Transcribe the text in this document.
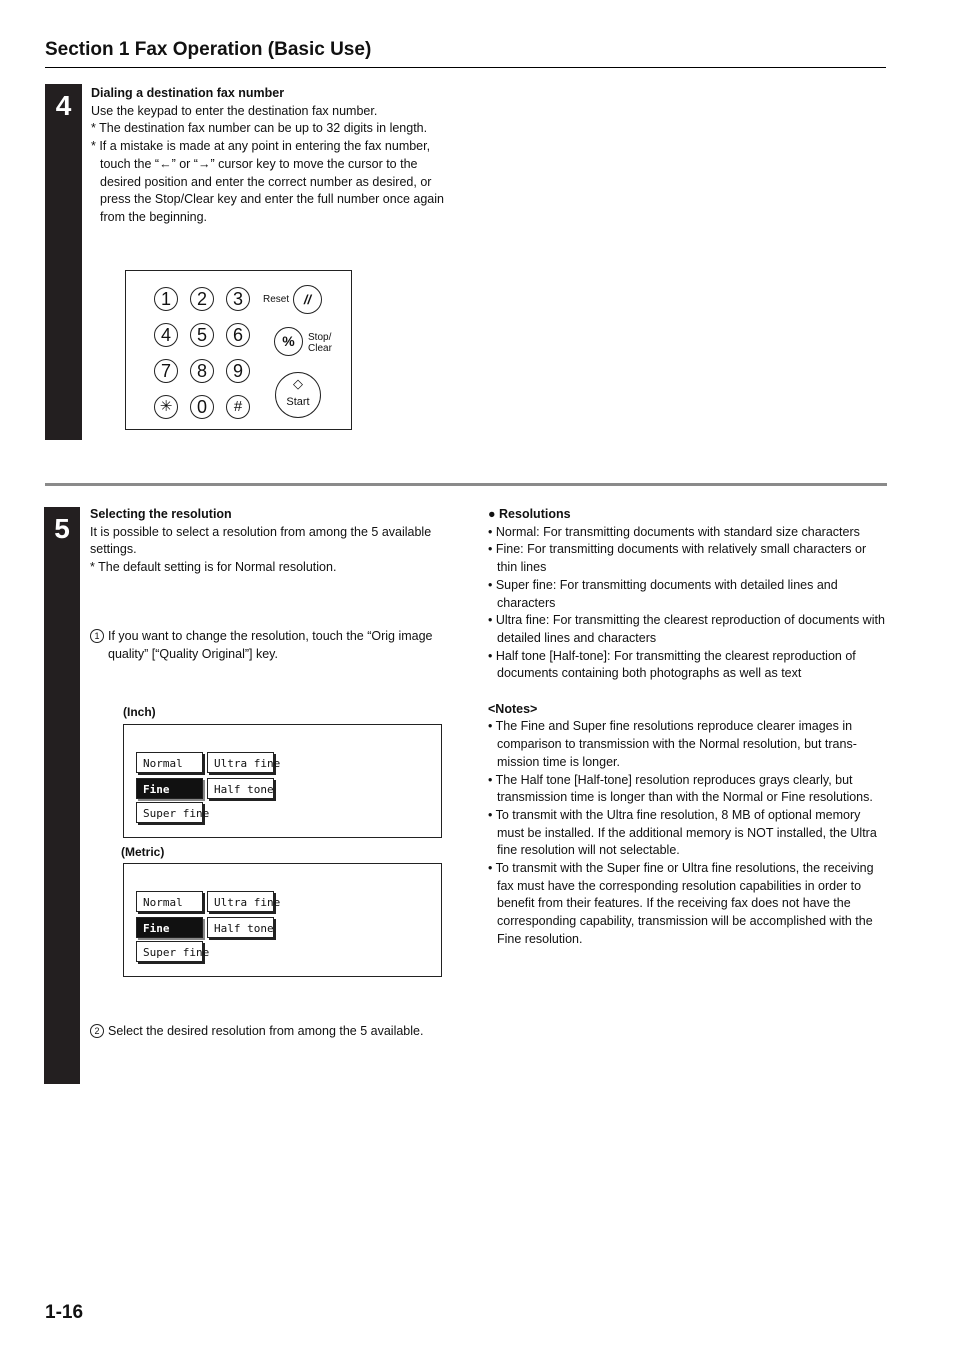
Section 1 Fax Operation (Basic Use)
4	Dialing a destination fax number

Use the keypad to enter the destination fax number.

* The destination fax number can be up to 32 digits in length.

* If a mistake is made at any point in entering the fax number, touch the “←” or “→” cursor key to move the cursor to the desired position and enter the correct number as desired, or press the Stop/Clear key and enter the full number once again from the beginning.

1	2	3
4	5	6
7	8	9
✳	0	#
Reset	//
%	Stop/
Clear
◇
Start
5	Selecting the resolution

It is possible to select a resolution from among the 5 available settings.

* The default setting is for Normal resolution.

1 If you want to change the resolution, touch the “Orig image quality” [“Quality Original”] key.
(Inch)
Normal	Ultra fine
Fine	Half tone
Super fine
(Metric)
Normal	Ultra fine
Fine	Half tone
Super fine
2 Select the desired resolution from among the 5 available.

● Resolutions

• Normal: For transmitting documents with standard size characters

• Fine: For transmitting documents with relatively small characters or thin lines

• Super fine: For transmitting documents with detailed lines and characters

• Ultra fine: For transmitting the clearest reproduction of documents with detailed lines and characters

• Half tone [Half-tone]: For transmitting the clearest reproduction of documents containing both photographs as well as text

<Notes>

• The Fine and Super fine resolutions reproduce clearer images in comparison to transmission with the Normal resolution, but trans-mission time is longer.

• The Half tone [Half-tone] resolution reproduces grays clearly, but transmission time is longer than with the Normal or Fine resolutions.

• To transmit with the Ultra fine resolution, 8 MB of optional memory must be installed. If the additional memory is NOT installed, the Ultra fine resolution will not selectable.

• To transmit with the Super fine or Ultra fine resolutions, the receiving fax must have the corresponding resolution capabilities in order to benefit from their features. If the receiving fax does not have the corresponding capability, transmission will be accomplished with the Fine resolution.

1-16
